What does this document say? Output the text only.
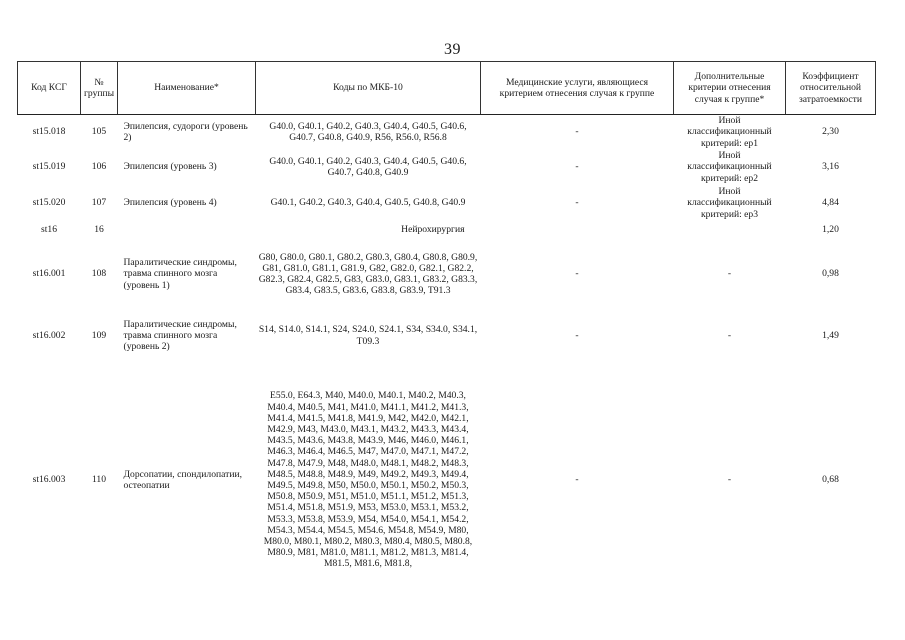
39
Код КСГ	№ группы	Наименование*	Коды по МКБ-10	Медицинские услуги, являющиеся критерием отнесения случая к группе	Дополнительные критерии отнесения случая к группе*	Коэффициент относительной затратоемкости
st15.018	105	Эпилепсия, судороги (уровень 2)	G40.0, G40.1, G40.2, G40.3, G40.4, G40.5, G40.6, G40.7, G40.8, G40.9, R56, R56.0, R56.8	-	Иной классификационный критерий: ep1	2,30
st15.019	106	Эпилепсия (уровень 3)	G40.0, G40.1, G40.2, G40.3, G40.4, G40.5, G40.6, G40.7, G40.8, G40.9	-	Иной классификационный критерий: ep2	3,16
st15.020	107	Эпилепсия (уровень 4)	G40.1, G40.2, G40.3, G40.4, G40.5, G40.8, G40.9	-	Иной классификационный критерий: ep3	4,84
st16	16		Нейрохирургия			1,20
st16.001	108	Паралитические синдромы, травма спинного мозга (уровень 1)	G80, G80.0, G80.1, G80.2, G80.3, G80.4, G80.8, G80.9, G81, G81.0, G81.1, G81.9, G82, G82.0, G82.1, G82.2, G82.3, G82.4, G82.5, G83, G83.0, G83.1, G83.2, G83.3, G83.4, G83.5, G83.6, G83.8, G83.9, T91.3	-	-	0,98
st16.002	109	Паралитические синдромы, травма спинного мозга (уровень 2)	S14, S14.0, S14.1, S24, S24.0, S24.1, S34, S34.0, S34.1, T09.3	-	-	1,49
st16.003	110	Дорсопатии, спондилопатии, остеопатии	E55.0, E64.3, M40, M40.0, M40.1, M40.2, M40.3, M40.4, M40.5, M41, M41.0, M41.1, M41.2, M41.3, M41.4, M41.5, M41.8, M41.9, M42, M42.0, M42.1, M42.9, M43, M43.0, M43.1, M43.2, M43.3, M43.4, M43.5, M43.6, M43.8, M43.9, M46, M46.0, M46.1, M46.3, M46.4, M46.5, M47, M47.0, M47.1, M47.2, M47.8, M47.9, M48, M48.0, M48.1, M48.2, M48.3, M48.5, M48.8, M48.9, M49, M49.2, M49.3, M49.4, M49.5, M49.8, M50, M50.0, M50.1, M50.2, M50.3, M50.8, M50.9, M51, M51.0, M51.1, M51.2, M51.3, M51.4, M51.8, M51.9, M53, M53.0, M53.1, M53.2, M53.3, M53.8, M53.9, M54, M54.0, M54.1, M54.2, M54.3, M54.4, M54.5, M54.6, M54.8, M54.9, M80, M80.0, M80.1, M80.2, M80.3, M80.4, M80.5, M80.8, M80.9, M81, M81.0, M81.1, M81.2, M81.3, M81.4, M81.5, M81.6, M81.8,	-	-	0,68
